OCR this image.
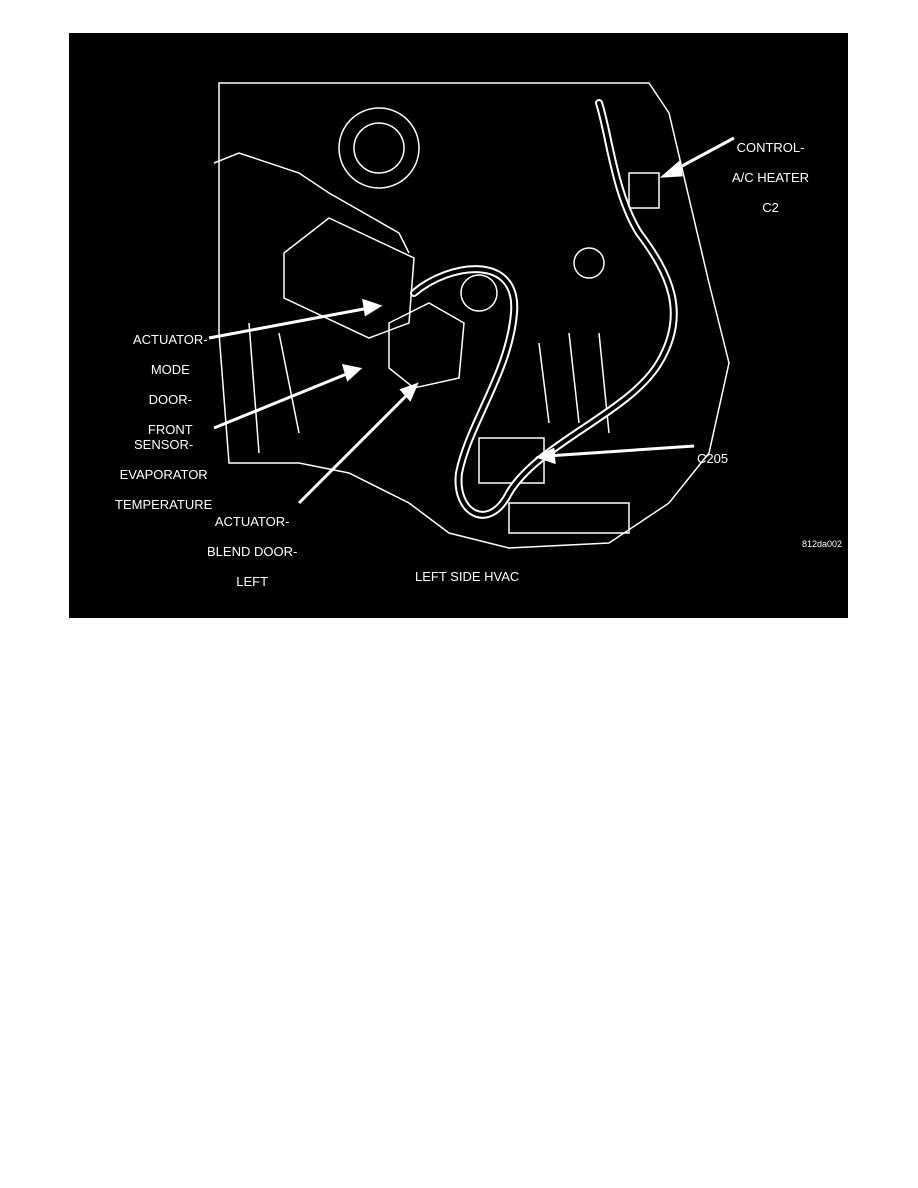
CONTROL-

A/C HEATER

C2

ACTUATOR-

MODE

DOOR-

FRONT

SENSOR-

EVAPORATOR

TEMPERATURE

ACTUATOR-

BLEND DOOR-

LEFT

C205

812da002
LEFT SIDE HVAC
